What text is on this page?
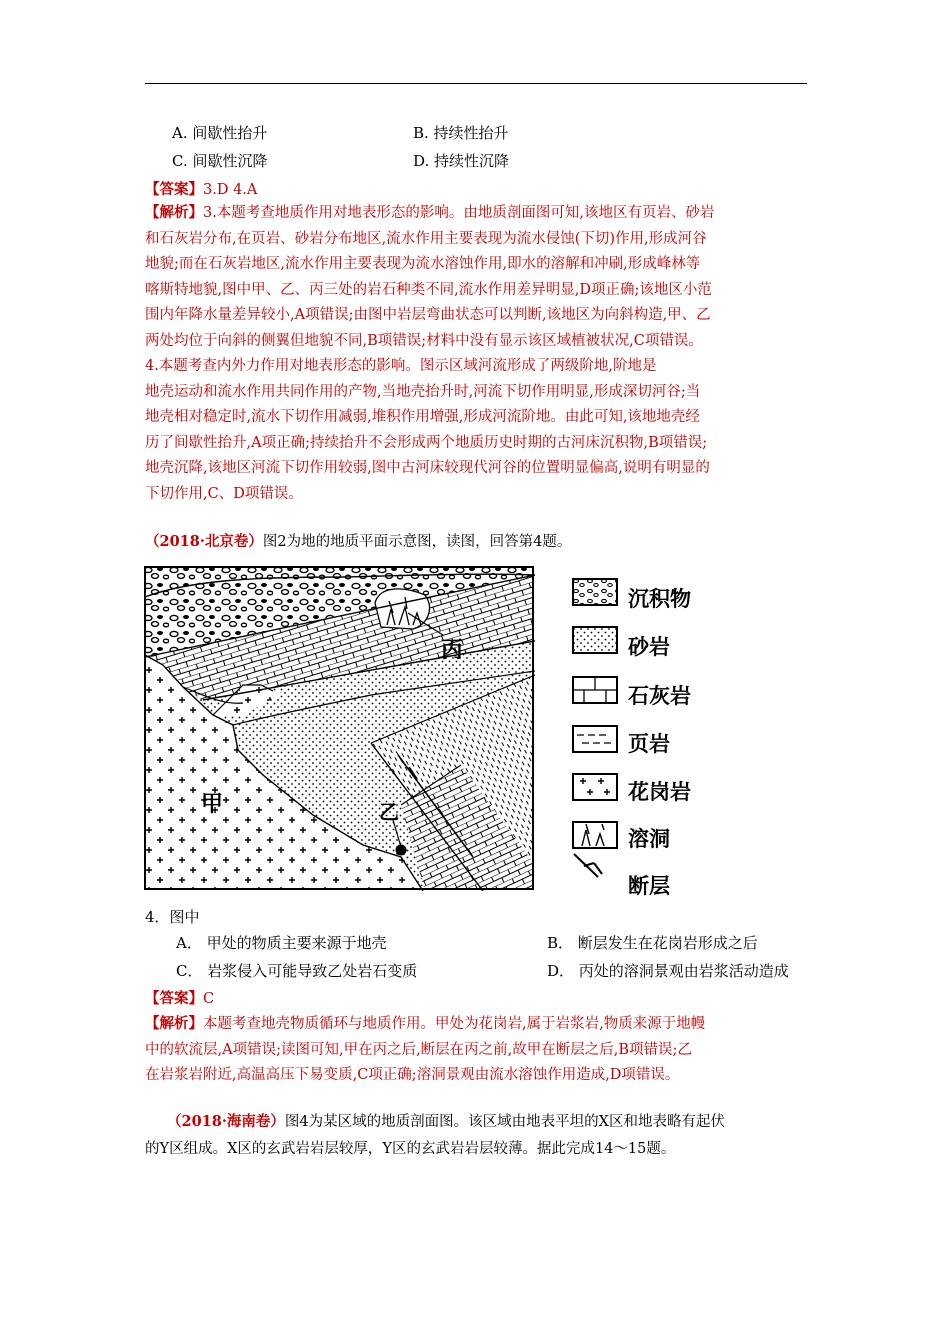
A. 间歇性抬升	B. 持续性抬升
C. 间歇性沉降	D. 持续性沉降
【答案】3.D 4.A

【解析】3.本题考查地质作用对地表形态的影响。由地质剖面图可知,该地区有页岩、砂岩

和石灰岩分布,在页岩、砂岩分布地区,流水作用主要表现为流水侵蚀(下切)作用,形成河谷

地貌;而在石灰岩地区,流水作用主要表现为流水溶蚀作用,即水的溶解和冲刷,形成峰林等

喀斯特地貌,图中甲、乙、丙三处的岩石种类不同,流水作用差异明显,D项正确;该地区小范

围内年降水量差异较小,A项错误;由图中岩层弯曲状态可以判断,该地区为向斜构造,甲、乙

两处均位于向斜的侧翼但地貌不同,B项错误;材料中没有显示该区域植被状况,C项错误。

4.本题考查内外力作用对地表形态的影响。图示区域河流形成了两级阶地,阶地是

地壳运动和流水作用共同作用的产物,当地壳抬升时,河流下切作用明显,形成深切河谷;当

地壳相对稳定时,流水下切作用减弱,堆积作用增强,形成河流阶地。由此可知,该地地壳经

历了间歇性抬升,A项正确;持续抬升不会形成两个地质历史时期的古河床沉积物,B项错误;

地壳沉降,该地区河流下切作用较弱,图中古河床较现代河谷的位置明显偏高,说明有明显的

下切作用,C、D项错误。

（2018·北京卷）图2为地的地质平面示意图，读图，回答第4题。
丙
甲	乙
沉积物
砂岩
石灰岩
页岩
花岗岩
溶洞
断层
4．图中
A． 甲处的物质主要来源于地壳	B． 断层发生在花岗岩形成之后
C． 岩浆侵入可能导致乙处岩石变质	D． 丙处的溶洞景观由岩浆活动造成
【答案】C

【解析】本题考查地壳物质循环与地质作用。甲处为花岗岩,属于岩浆岩,物质来源于地幔

中的软流层,A项错误;读图可知,甲在丙之后,断层在丙之前,故甲在断层之后,B项错误;乙

在岩浆岩附近,高温高压下易变质,C项正确;溶洞景观由流水溶蚀作用造成,D项错误。

（2018·海南卷）图4为某区域的地质剖面图。该区域由地表平坦的X区和地表略有起伏

的Y区组成。X区的玄武岩岩层较厚，Y区的玄武岩岩层较薄。据此完成14～15题。
